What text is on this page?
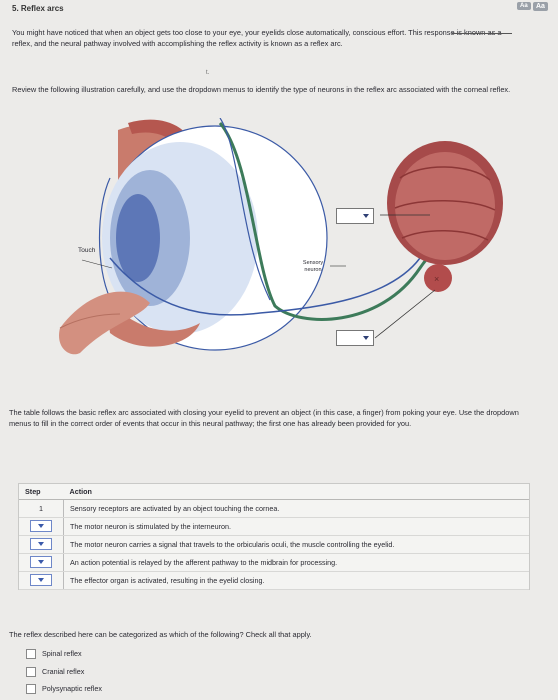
5. Reflex arcs	Aa	Aa
You might have noticed that when an object gets too close to your eye, your eyelids close automatically, conscious effort. This response is known as a reflex, and the neural pathway involved with accomplishing the reflex activity is known as a reflex arc.
t.
Review the following illustration carefully, and use the dropdown menus to identify the type of neurons in the reflex arc associated with the corneal reflex.
×
Touch
Sensory neuron
The table follows the basic reflex arc associated with closing your eyelid to prevent an object (in this case, a finger) from poking your eye. Use the dropdown menus to fill in the correct order of events that occur in this neural pathway; the first one has already been provided for you.
Step	Action
1	Sensory receptors are activated by an object touching the cornea.

	The motor neuron is stimulated by the interneuron.

	The motor neuron carries a signal that travels to the orbicularis oculi, the muscle controlling the eyelid.

	An action potential is relayed by the afferent pathway to the midbrain for processing.

	The effector organ is activated, resulting in the eyelid closing.
The reflex described here can be categorized as which of the following? Check all that apply.
Spinal reflex
Cranial reflex
Polysynaptic reflex
